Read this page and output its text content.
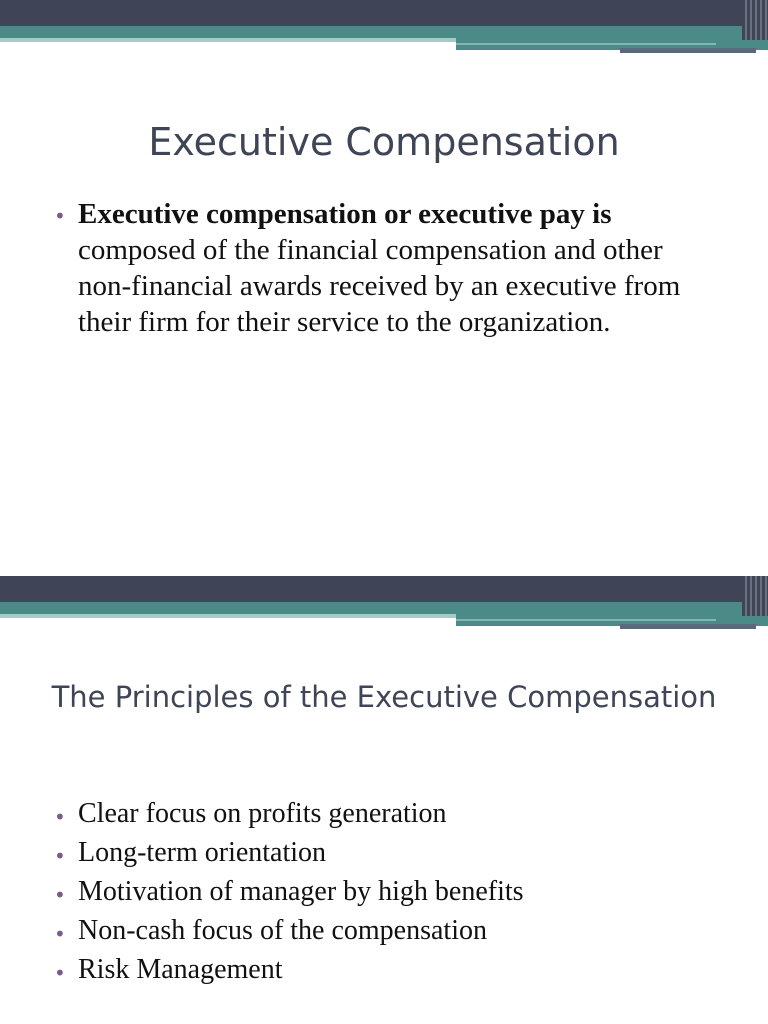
Executive Compensation
• Executive compensation or executive pay is composed of the financial compensation and other non-financial awards received by an executive from their firm for their service to the organization.
The Principles of the Executive Compensation
• Clear focus on profits generation
• Long-term orientation
• Motivation of manager by high benefits
• Non-cash focus of the compensation
• Risk Management
